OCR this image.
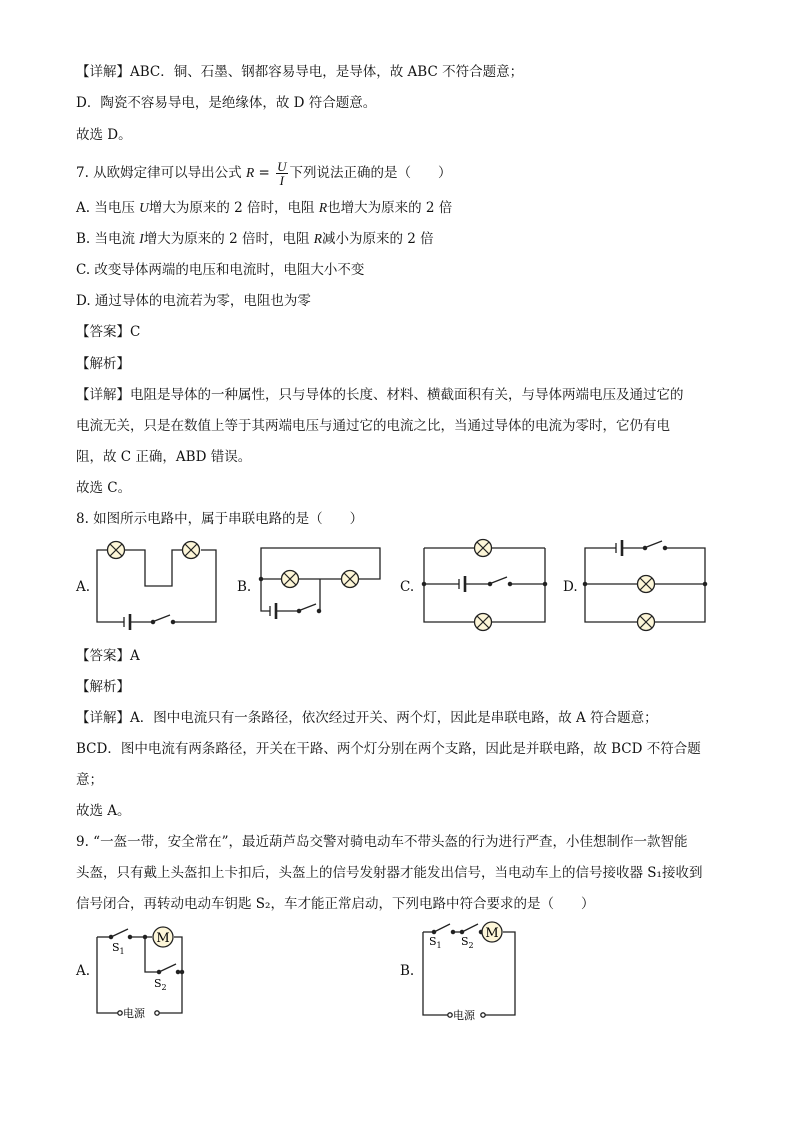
【详解】ABC．铜、石墨、钢都容易导电，是导体，故 ABC 不符合题意；
D．陶瓷不容易导电，是绝缘体，故 D 符合题意。
故选 D。
7. 从欧姆定律可以导出公式 $R = \frac{U}{I}$ 下列说法正确的是（　　）
A. 当电压 U增大为原来的 2 倍时，电阻 R也增大为原来的 2 倍
B. 当电流 I增大为原来的 2 倍时，电阻 R减小为原来的 2 倍
C. 改变导体两端的电压和电流时，电阻大小不变
D. 通过导体的电流若为零，电阻也为零
【答案】C
【解析】
【详解】电阻是导体的一种属性，只与导体的长度、材料、横截面积有关，与导体两端电压及通过它的
电流无关，只是在数值上等于其两端电压与通过它的电流之比，当通过导体的电流为零时，它仍有电
阻，故 C 正确，ABD 错误。
故选 C。
8. 如图所示电路中，属于串联电路的是（　　）
A.	B.	C.	D.
【答案】A
【解析】
【详解】A．图中电流只有一条路径，依次经过开关、两个灯，因此是串联电路，故 A 符合题意；
BCD．图中电流有两条路径，开关在干路、两个灯分别在两个支路，因此是并联电路，故 BCD 不符合题
意；
故选 A。
9. “一盔一带，安全常在”，最近葫芦岛交警对骑电动车不带头盔的行为进行严查，小佳想制作一款智能
头盔，只有戴上头盔扣上卡扣后，头盔上的信号发射器才能发出信号，当电动车上的信号接收器 S₁接收到
信号闭合，再转动电动车钥匙 S₂，车才能正常启动，下列电路中符合要求的是（　　）
M	M
$S_1$
$S_2$
$S_1$ $S_2$
电源	电源
A.	B.
